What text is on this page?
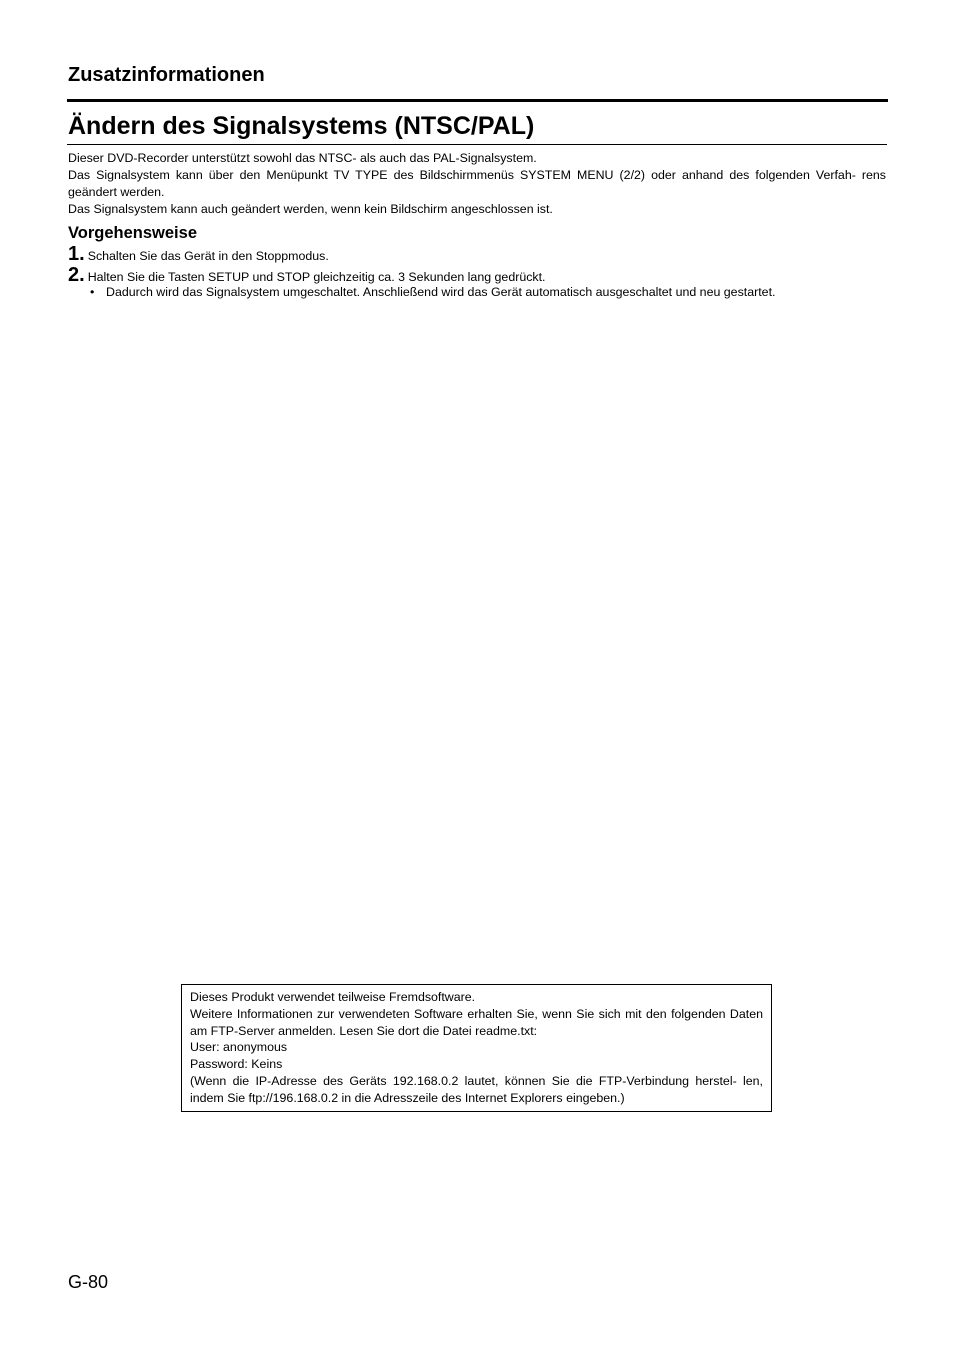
Zusatzinformationen
Ändern des Signalsystems (NTSC/PAL)

Dieser DVD-Recorder unterstützt sowohl das NTSC- als auch das PAL-Signalsystem.

Das Signalsystem kann über den Menüpunkt TV TYPE des Bildschirmmenüs SYSTEM MENU (2/2) oder anhand des folgenden Verfah- rens geändert werden.

Das Signalsystem kann auch geändert werden, wenn kein Bildschirm angeschlossen ist.

Vorgehensweise
1. Schalten Sie das Gerät in den Stoppmodus.
2. Halten Sie die Tasten SETUP und STOP gleichzeitig ca. 3 Sekunden lang gedrückt.
• Dadurch wird das Signalsystem umgeschaltet. Anschließend wird das Gerät automatisch ausgeschaltet und neu gestartet.

Dieses Produkt verwendet teilweise Fremdsoftware.

Weitere Informationen zur verwendeten Software erhalten Sie, wenn Sie sich mit den folgenden Daten am FTP-Server anmelden. Lesen Sie dort die Datei readme.txt:

User: anonymous

Password: Keins

(Wenn die IP-Adresse des Geräts 192.168.0.2 lautet, können Sie die FTP-Verbindung herstel- len, indem Sie ftp://196.168.0.2 in die Adresszeile des Internet Explorers eingeben.)

G-80
